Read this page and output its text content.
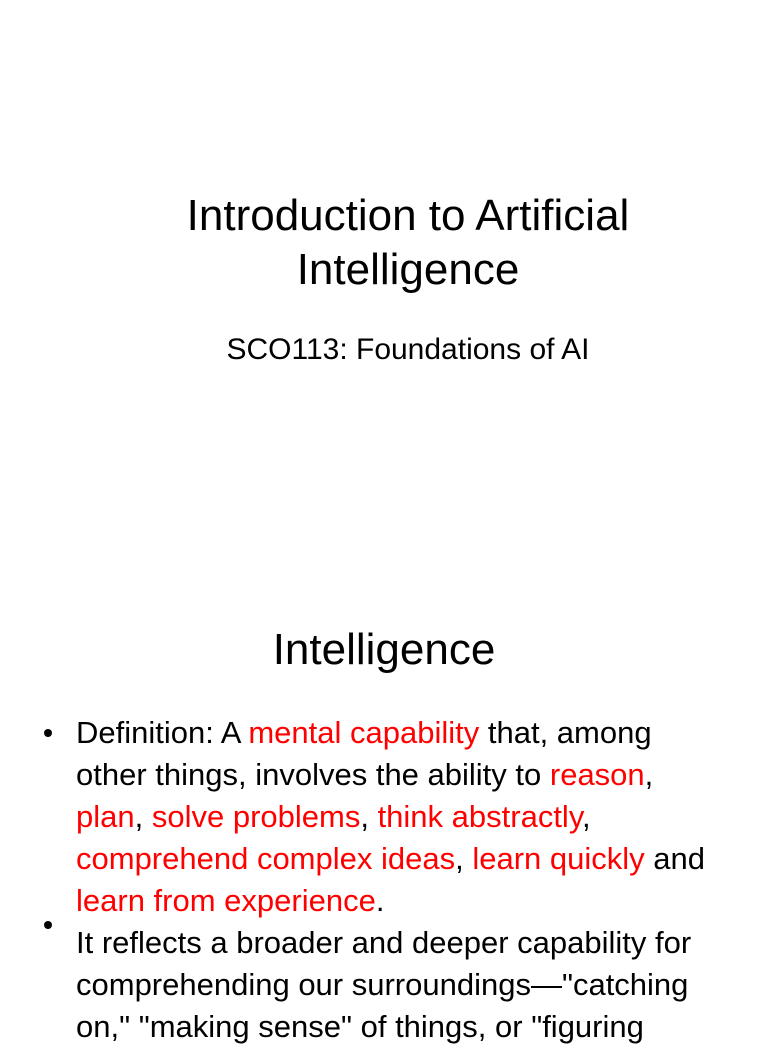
Introduction to Artificial Intelligence

SCO113: Foundations of AI

Intelligence
Definition: A mental capability that, among
other things, involves the ability to reason,
plan, solve problems, think abstractly,
comprehend complex ideas, learn quickly and
learn from experience.
It reflects a broader and deeper capability for
comprehending our surroundings—"catching
on," "making sense" of things, or "figuring
